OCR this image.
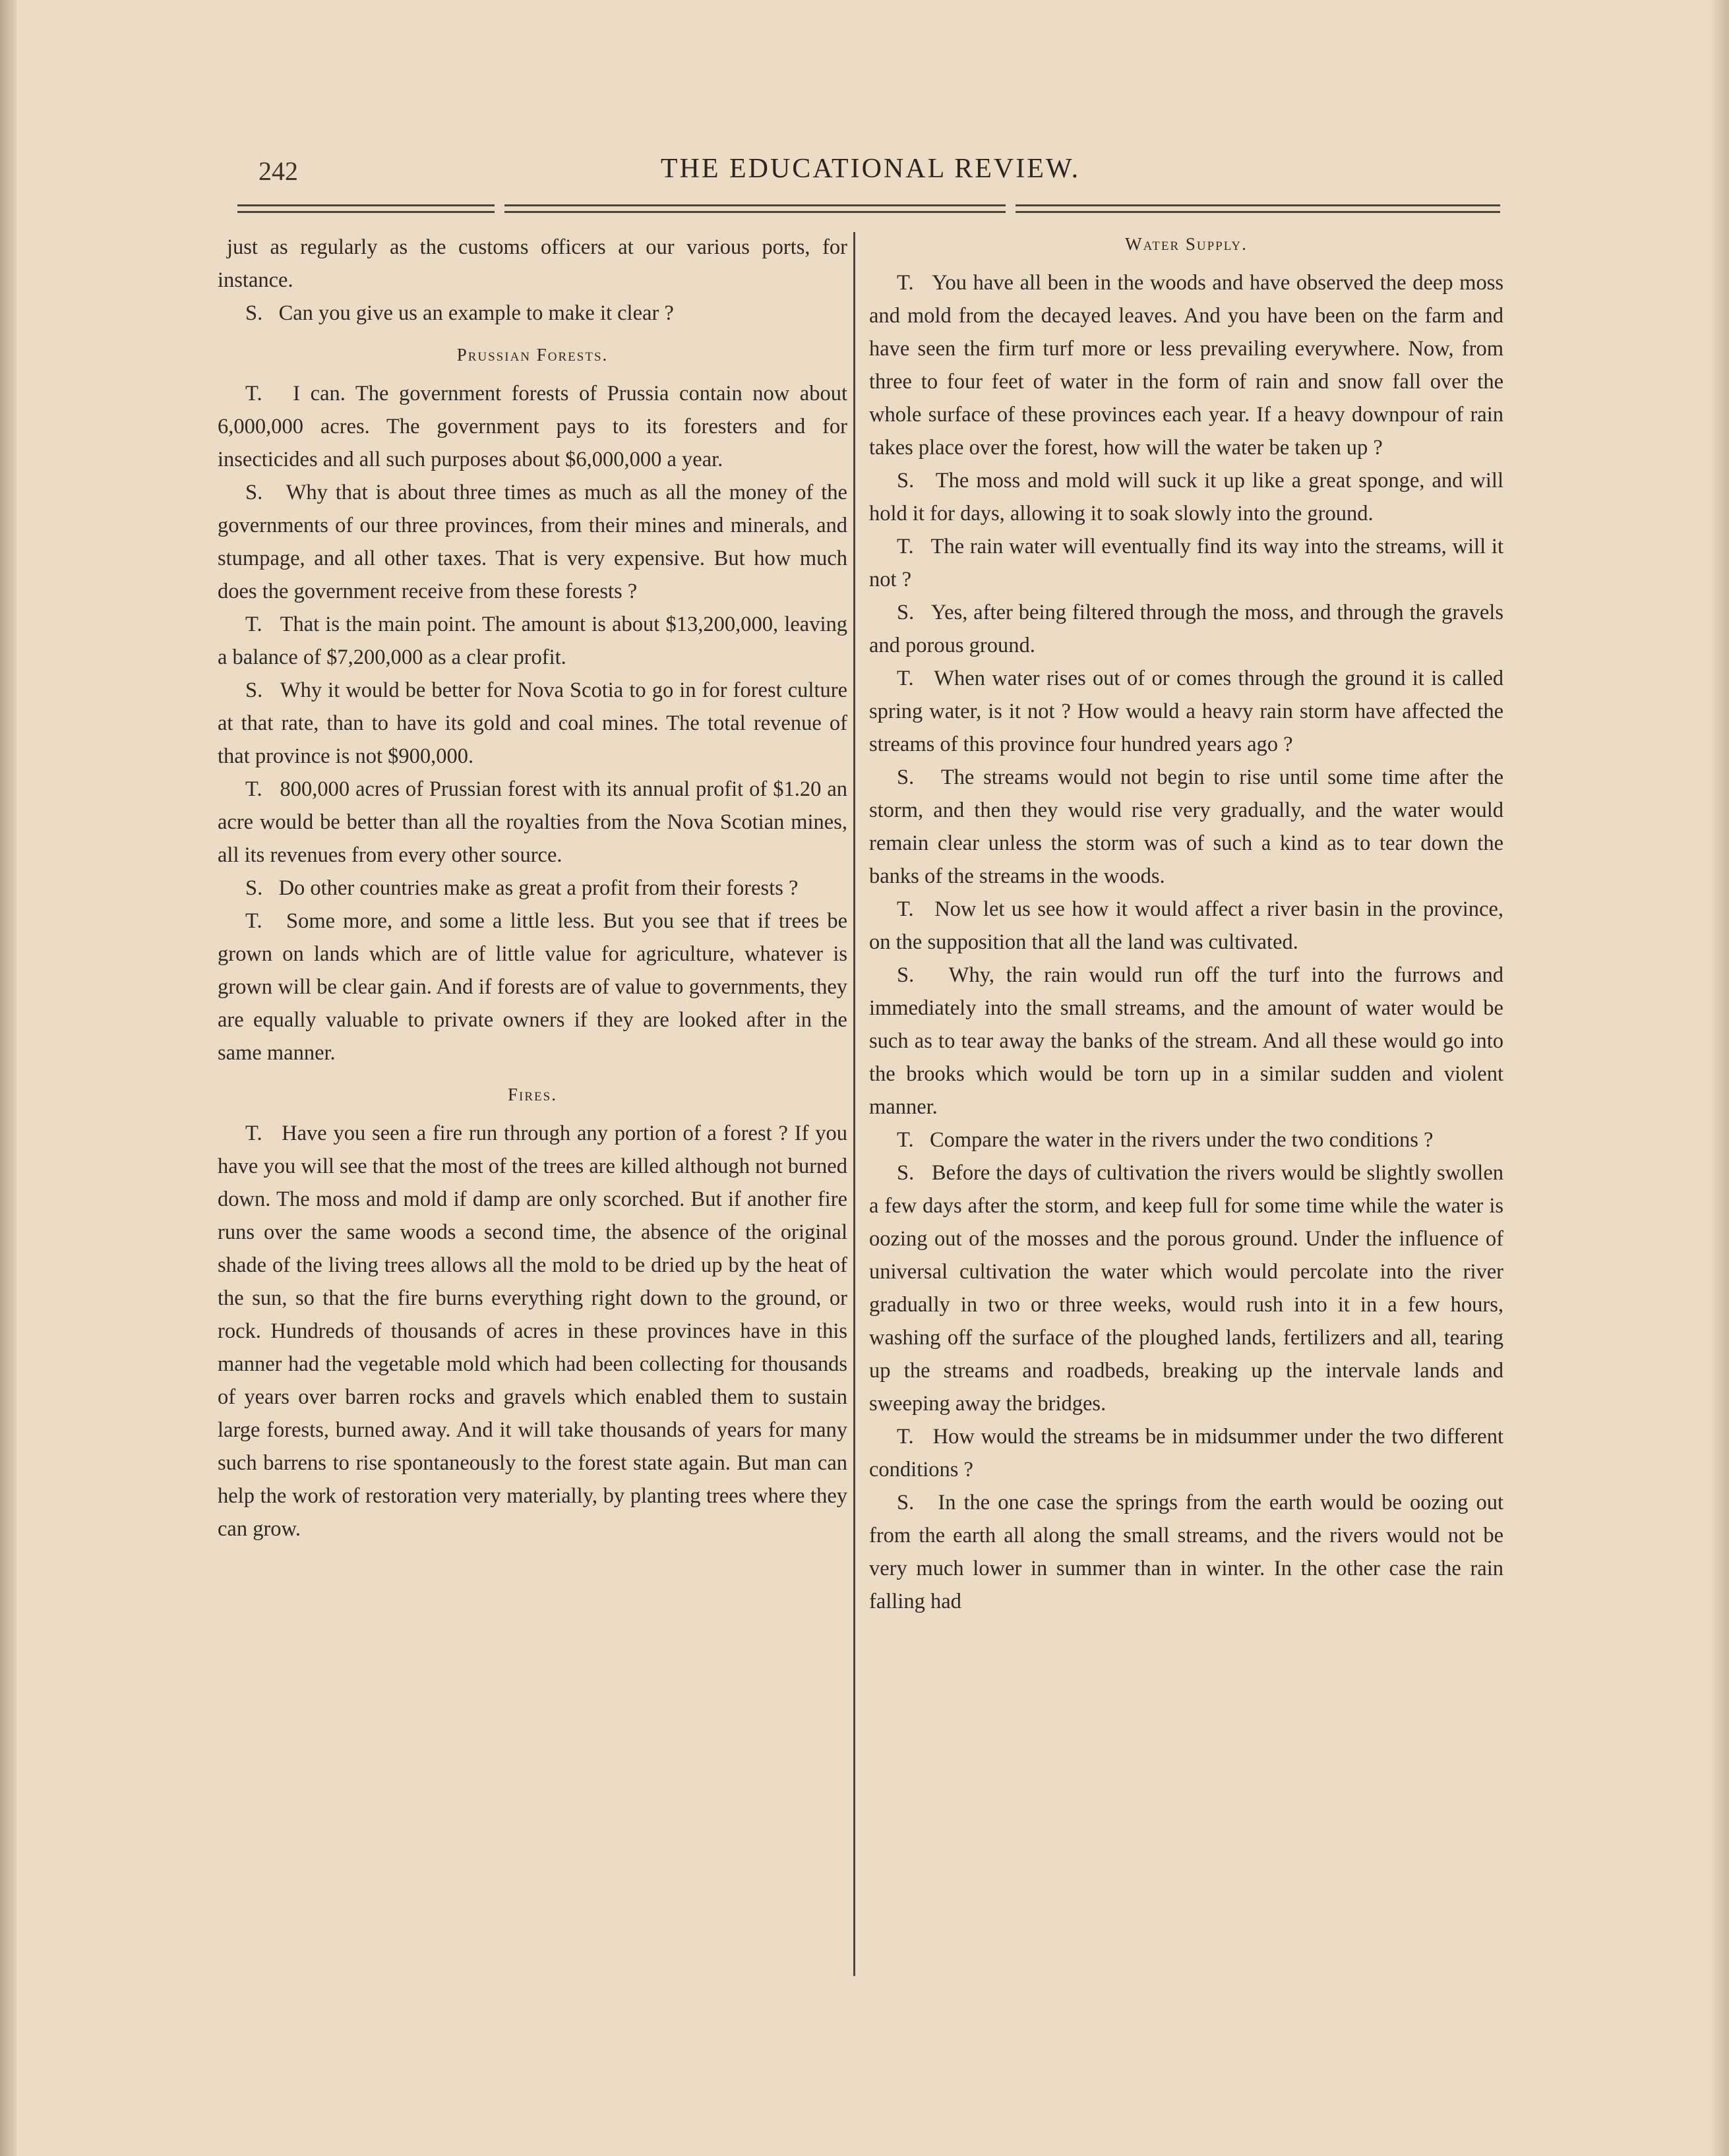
242	THE EDUCATIONAL REVIEW.

just as regularly as the customs officers at our various ports, for instance.

S. Can you give us an example to make it clear ?

Prussian Forests.

T. I can. The government forests of Prussia contain now about 6,000,000 acres. The government pays to its foresters and for insecticides and all such purposes about $6,000,000 a year.

S. Why that is about three times as much as all the money of the governments of our three provinces, from their mines and minerals, and stumpage, and all other taxes. That is very expensive. But how much does the government receive from these forests ?

T. That is the main point. The amount is about $13,200,000, leaving a balance of $7,200,000 as a clear profit.

S. Why it would be better for Nova Scotia to go in for forest culture at that rate, than to have its gold and coal mines. The total revenue of that province is not $900,000.

T. 800,000 acres of Prussian forest with its annual profit of $1.20 an acre would be better than all the royalties from the Nova Scotian mines, all its revenues from every other source.

S. Do other countries make as great a profit from their forests ?

T. Some more, and some a little less. But you see that if trees be grown on lands which are of little value for agriculture, whatever is grown will be clear gain. And if forests are of value to governments, they are equally valuable to private owners if they are looked after in the same manner.

Fires.

T. Have you seen a fire run through any portion of a forest ? If you have you will see that the most of the trees are killed although not burned down. The moss and mold if damp are only scorched. But if another fire runs over the same woods a second time, the absence of the original shade of the living trees allows all the mold to be dried up by the heat of the sun, so that the fire burns everything right down to the ground, or rock. Hundreds of thousands of acres in these provinces have in this manner had the vegetable mold which had been collecting for thousands of years over barren rocks and gravels which enabled them to sustain large forests, burned away. And it will take thousands of years for many such barrens to rise spontaneously to the forest state again. But man can help the work of restoration very materially, by planting trees where they can grow.

Water Supply.

T. You have all been in the woods and have observed the deep moss and mold from the decayed leaves. And you have been on the farm and have seen the firm turf more or less prevailing everywhere. Now, from three to four feet of water in the form of rain and snow fall over the whole surface of these provinces each year. If a heavy downpour of rain takes place over the forest, how will the water be taken up ?

S. The moss and mold will suck it up like a great sponge, and will hold it for days, allowing it to soak slowly into the ground.

T. The rain water will eventually find its way into the streams, will it not ?

S. Yes, after being filtered through the moss, and through the gravels and porous ground.

T. When water rises out of or comes through the ground it is called spring water, is it not ? How would a heavy rain storm have affected the streams of this province four hundred years ago ?

S. The streams would not begin to rise until some time after the storm, and then they would rise very gradually, and the water would remain clear unless the storm was of such a kind as to tear down the banks of the streams in the woods.

T. Now let us see how it would affect a river basin in the province, on the supposition that all the land was cultivated.

S. Why, the rain would run off the turf into the furrows and immediately into the small streams, and the amount of water would be such as to tear away the banks of the stream. And all these would go into the brooks which would be torn up in a similar sudden and violent manner.

T. Compare the water in the rivers under the two conditions ?

S. Before the days of cultivation the rivers would be slightly swollen a few days after the storm, and keep full for some time while the water is oozing out of the mosses and the porous ground. Under the influence of universal cultivation the water which would percolate into the river gradually in two or three weeks, would rush into it in a few hours, washing off the surface of the ploughed lands, fertilizers and all, tearing up the streams and roadbeds, breaking up the intervale lands and sweeping away the bridges.

T. How would the streams be in midsummer under the two different conditions ?

S. In the one case the springs from the earth would be oozing out from the earth all along the small streams, and the rivers would not be very much lower in summer than in winter. In the other case the rain falling had
